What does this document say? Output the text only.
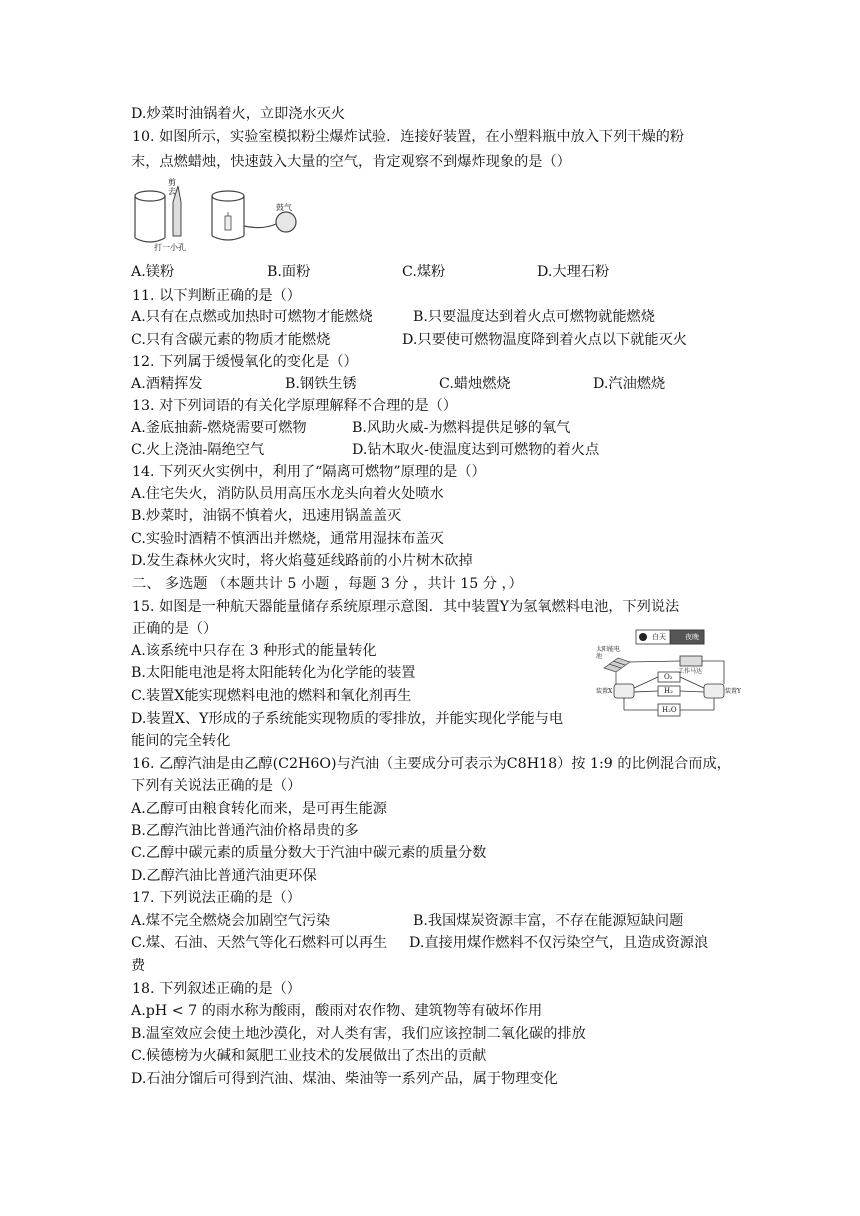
D.炒菜时油锅着火，立即浇水灭火
10. 如图所示，实验室模拟粉尘爆炸试验．连接好装置，在小塑料瓶中放入下列干燥的粉
末，点燃蜡烛，快速鼓入大量的空气，肯定观察不到爆炸现象的是（）
剪去
打一小孔
鼓气
A.镁粉	B.面粉	C.煤粉	D.大理石粉
11. 以下判断正确的是（）
A.只有在点燃或加热时可燃物才能燃烧	B.只要温度达到着火点可燃物就能燃烧
C.只有含碳元素的物质才能燃烧	D.只要使可燃物温度降到着火点以下就能灭火
12. 下列属于缓慢氧化的变化是（）
A.酒精挥发	B.钢铁生锈	C.蜡烛燃烧	D.汽油燃烧
13. 对下列词语的有关化学原理解释不合理的是（）
A.釜底抽薪-燃烧需要可燃物	B.风助火威-为燃料提供足够的氧气
C.火上浇油-隔绝空气	D.钻木取火-使温度达到可燃物的着火点
14. 下列灭火实例中，利用了“隔离可燃物”原理的是（）
A.住宅失火，消防队员用高压水龙头向着火处喷水
B.炒菜时，油锅不慎着火，迅速用锅盖盖灭
C.实验时酒精不慎洒出并燃烧，通常用湿抹布盖灭
D.发生森林火灾时，将火焰蔓延线路前的小片树木砍掉
二、 多选题 （本题共计 5 小题 ，每题 3 分 ，共计 15 分 ，）
15. 如图是一种航天器能量储存系统原理示意图．其中装置Y为氢氧燃料电池，下列说法
正确的是（）
A.该系统中只存在 3 种形式的能量转化
B.太阳能电池是将太阳能转化为化学能的装置
C.装置X能实现燃料电池的燃料和氧化剂再生
D.装置X、Y形成的子系统能实现物质的零排放，并能实现化学能与电
能间的完全转化
白天	夜晚
太阳能电池
工作马达
O₂
H₂
H₂O
装置X	装置Y
16. 乙醇汽油是由乙醇(C2H6O)与汽油（主要成分可表示为C8H18）按 1:9 的比例混合而成，
下列有关说法正确的是（）
A.乙醇可由粮食转化而来，是可再生能源
B.乙醇汽油比普通汽油价格昂贵的多
C.乙醇中碳元素的质量分数大于汽油中碳元素的质量分数
D.乙醇汽油比普通汽油更环保
17. 下列说法正确的是（）
A.煤不完全燃烧会加剧空气污染	B.我国煤炭资源丰富，不存在能源短缺问题
C.煤、石油、天然气等化石燃料可以再生 D.直接用煤作燃料不仅污染空气，且造成资源浪
费
18. 下列叙述正确的是（）
A.pH < 7 的雨水称为酸雨，酸雨对农作物、建筑物等有破坏作用
B.温室效应会使土地沙漠化，对人类有害，我们应该控制二氧化碳的排放
C.候德榜为火碱和氮肥工业技术的发展做出了杰出的贡献
D.石油分馏后可得到汽油、煤油、柴油等一系列产品，属于物理变化
